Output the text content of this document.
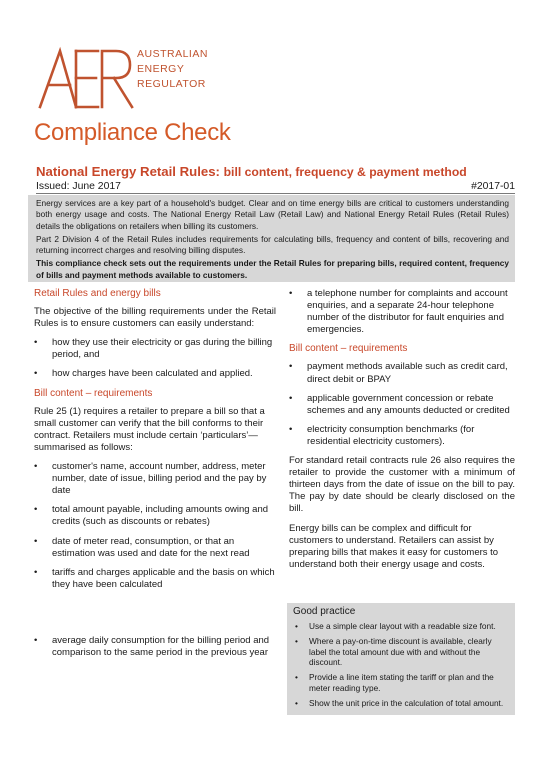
AUSTRALIAN
ENERGY
REGULATOR
Compliance Check
National Energy Retail Rules: bill content, frequency & payment method
Issued: June 2017	#2017-01

Energy services are a key part of a household's budget. Clear and on time energy bills are critical to customers understanding both energy usage and costs. The National Energy Retail Law (Retail Law) and National Energy Retail Rules (Retail Rules) details the obligations on retailers when billing its customers.

Part 2 Division 4 of the Retail Rules includes requirements for calculating bills, frequency and content of bills, recovering and returning incorrect charges and resolving billing disputes.

This compliance check sets out the requirements under the Retail Rules for preparing bills, required content, frequency of bills and payment methods available to customers.

Retail Rules and energy bills

The objective of the billing requirements under the Retail Rules is to ensure customers can easily understand:

• how they use their electricity or gas during the billing period, and
• how charges have been calculated and applied.
Bill content – requirements

Rule 25 (1) requires a retailer to prepare a bill so that a small customer can verify that the bill conforms to their contract. Retailers must include certain ‘particulars’—summarised as follows:

• customer's name, account number, address, meter number, date of issue, billing period and the pay by date
• total amount payable, including amounts owing and credits (such as discounts or rebates)
• date of meter read, consumption, or that an estimation was used and date for the next read
• tariffs and charges applicable and the basis on which they have been calculated
• average daily consumption for the billing period and comparison to the same period in the previous year
• a telephone number for complaints and account enquiries, and a separate 24-hour telephone number of the distributor for fault enquiries and emergencies.
Bill content – requirements
• payment methods available such as credit card, direct debit or BPAY
• applicable government concession or rebate schemes and any amounts deducted or credited
• electricity consumption benchmarks (for residential electricity customers).

For standard retail contracts rule 26 also requires the retailer to provide the customer with a minimum of thirteen days from the date of issue on the bill to pay. The pay by date should be clearly disclosed on the bill.

Energy bills can be complex and difficult for customers to understand. Retailers can assist by preparing bills that makes it easy for customers to understand both their energy usage and costs.

Good practice
• Use a simple clear layout with a readable size font.
• Where a pay-on-time discount is available, clearly label the total amount due with and without the discount.
• Provide a line item stating the tariff or plan and the meter reading type.
• Show the unit price in the calculation of total amount.
